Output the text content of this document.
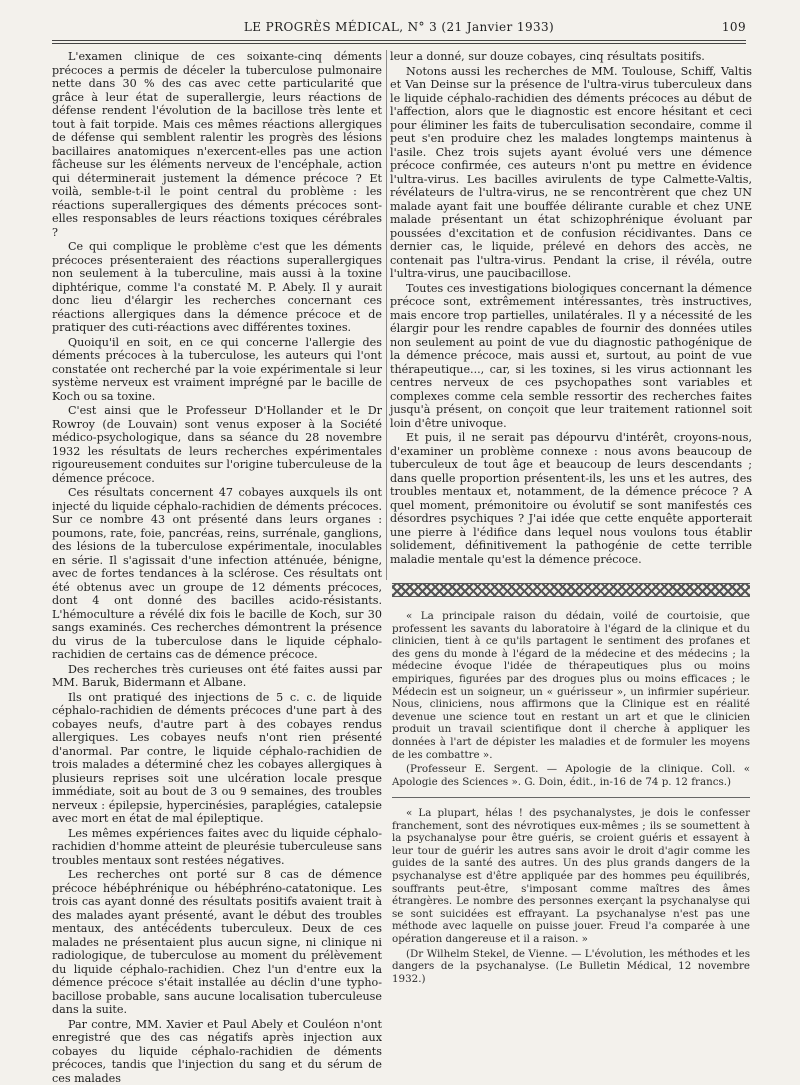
LE PROGRÈS MÉDICAL, N° 3 (21 Janvier 1933)	109

L'examen clinique de ces soixante-cinq déments précoces a permis de déceler la tuberculose pulmonaire nette dans 30 % des cas avec cette particularité que grâce à leur état de superallergie, leurs réactions de défense rendent l'évolution de la bacillose très lente et tout à fait torpide. Mais ces mêmes réactions allergiques de défense qui semblent ralentir les progrès des lésions bacillaires anatomiques n'exercent-elles pas une action fâcheuse sur les éléments nerveux de l'encéphale, action qui déterminerait justement la démence précoce ? Et voilà, semble-t-il le point central du problème : les réactions superallergiques des déments précoces sont-elles responsables de leurs réactions toxiques cérébrales ?

Ce qui complique le problème c'est que les déments précoces présenteraient des réactions superallergiques non seulement à la tuberculine, mais aussi à la toxine diphtérique, comme l'a constaté M. P. Abely. Il y aurait donc lieu d'élargir les recherches concernant ces réactions allergiques dans la démence précoce et de pratiquer des cuti-réactions avec différentes toxines.

Quoiqu'il en soit, en ce qui concerne l'allergie des déments précoces à la tuberculose, les auteurs qui l'ont constatée ont recherché par la voie expérimentale si leur système nerveux est vraiment imprégné par le bacille de Koch ou sa toxine.

C'est ainsi que le Professeur D'Hollander et le Dr Rowroy (de Louvain) sont venus exposer à la Société médico-psychologique, dans sa séance du 28 novembre 1932 les résultats de leurs recherches expérimentales rigoureusement conduites sur l'origine tuberculeuse de la démence précoce.

Ces résultats concernent 47 cobayes auxquels ils ont injecté du liquide céphalo-rachidien de déments précoces. Sur ce nombre 43 ont présenté dans leurs organes : poumons, rate, foie, pancréas, reins, surrénale, ganglions, des lésions de la tuberculose expérimentale, inoculables en série. Il s'agissait d'une infection atténuée, bénigne, avec de fortes tendances à la sclérose. Ces résultats ont été obtenus avec un groupe de 12 déments précoces, dont 4 ont donné des bacilles acido-résistants. L'hémoculture a révélé dix fois le bacille de Koch, sur 30 sangs examinés. Ces recherches démontrent la présence du virus de la tuberculose dans le liquide céphalo-rachidien de certains cas de démence précoce.

Des recherches très curieuses ont été faites aussi par MM. Baruk, Bidermann et Albane.

Ils ont pratiqué des injections de 5 c. c. de liquide céphalo-rachidien de déments précoces d'une part à des cobayes neufs, d'autre part à des cobayes rendus allergiques. Les cobayes neufs n'ont rien présenté d'anormal. Par contre, le liquide céphalo-rachidien de trois malades a déterminé chez les cobayes allergiques à plusieurs reprises soit une ulcération locale presque immédiate, soit au bout de 3 ou 9 semaines, des troubles nerveux : épilepsie, hypercinésies, paraplégies, catalepsie avec mort en état de mal épileptique.

Les mêmes expériences faites avec du liquide céphalo-rachidien d'homme atteint de pleurésie tuberculeuse sans troubles mentaux sont restées négatives.

Les recherches ont porté sur 8 cas de démence précoce hébéphrénique ou hébéphréno-catatonique. Les trois cas ayant donné des résultats positifs avaient trait à des malades ayant présenté, avant le début des troubles mentaux, des antécédents tuberculeux. Deux de ces malades ne présentaient plus aucun signe, ni clinique ni radiologique, de tuberculose au moment du prélèvement du liquide céphalo-rachidien. Chez l'un d'entre eux la démence précoce s'était installée au déclin d'une typho-bacillose probable, sans aucune localisation tuberculeuse dans la suite.

Par contre, MM. Xavier et Paul Abely et Couléon n'ont enregistré que des cas négatifs après injection aux cobayes du liquide céphalo-rachidien de déments précoces, tandis que l'injection du sang et du sérum de ces malades

leur a donné, sur douze cobayes, cinq résultats positifs.

Notons aussi les recherches de MM. Toulouse, Schiff, Valtis et Van Deinse sur la présence de l'ultra-virus tuberculeux dans le liquide céphalo-rachidien des déments précoces au début de l'affection, alors que le diagnostic est encore hésitant et ceci pour éliminer les faits de tuberculisation secondaire, comme il peut s'en produire chez les malades longtemps maintenus à l'asile. Chez trois sujets ayant évolué vers une démence précoce confirmée, ces auteurs n'ont pu mettre en évidence l'ultra-virus. Les bacilles avirulents de type Calmette-Valtis, révélateurs de l'ultra-virus, ne se rencontrèrent que chez UN malade ayant fait une bouffée délirante curable et chez UNE malade présentant un état schizophrénique évoluant par poussées d'excitation et de confusion récidivantes. Dans ce dernier cas, le liquide, prélevé en dehors des accès, ne contenait pas l'ultra-virus. Pendant la crise, il révéla, outre l'ultra-virus, une paucibacillose.

Toutes ces investigations biologiques concernant la démence précoce sont, extrêmement intéressantes, très instructives, mais encore trop partielles, unilatérales. Il y a nécessité de les élargir pour les rendre capables de fournir des données utiles non seulement au point de vue du diagnostic pathogénique de la démence précoce, mais aussi et, surtout, au point de vue thérapeutique..., car, si les toxines, si les virus actionnant les centres nerveux de ces psychopathes sont variables et complexes comme cela semble ressortir des recherches faites jusqu'à présent, on conçoit que leur traitement rationnel soit loin d'être univoque.

Et puis, il ne serait pas dépourvu d'intérêt, croyons-nous, d'examiner un problème connexe : nous avons beaucoup de tuberculeux de tout âge et beaucoup de leurs descendants ; dans quelle proportion présentent-ils, les uns et les autres, des troubles mentaux et, notamment, de la démence précoce ? A quel moment, prémonitoire ou évolutif se sont manifestés ces désordres psychiques ? J'ai idée que cette enquête apporterait une pierre à l'édifice dans lequel nous voulons tous établir solidement, définitivement la pathogénie de cette terrible maladie mentale qu'est la démence précoce.

« La principale raison du dédain, voilé de courtoisie, que professent les savants du laboratoire à l'égard de la clinique et du clinicien, tient à ce qu'ils partagent le sentiment des profanes et des gens du monde à l'égard de la médecine et des médecins ; la médecine évoque l'idée de thérapeutiques plus ou moins empiriques, figurées par des drogues plus ou moins efficaces ; le Médecin est un soigneur, un « guérisseur », un infirmier supérieur. Nous, cliniciens, nous affirmons que la Clinique est en réalité devenue une science tout en restant un art et que le clinicien produit un travail scientifique dont il cherche à appliquer les données à l'art de dépister les maladies et de formuler les moyens de les combattre ».

(Professeur E. Sergent. — Apologie de la clinique. Coll. « Apologie des Sciences ». G. Doin, édit., in-16 de 74 p. 12 francs.)

« La plupart, hélas ! des psychanalystes, je dois le confesser franchement, sont des névrotiques eux-mêmes ; ils se soumettent à la psychanalyse pour être guéris, se croient guéris et essayent à leur tour de guérir les autres sans avoir le droit d'agir comme les guides de la santé des autres. Un des plus grands dangers de la psychanalyse est d'être appliquée par des hommes peu équilibrés, souffrants peut-être, s'imposant comme maîtres des âmes étrangères. Le nombre des personnes exerçant la psychanalyse qui se sont suicidées est effrayant. La psychanalyse n'est pas une méthode avec laquelle on puisse jouer. Freud l'a comparée à une opération dangereuse et il a raison. »

(Dr Wilhelm Stekel, de Vienne. — L'évolution, les méthodes et les dangers de la psychanalyse. (Le Bulletin Médical, 12 novembre 1932.)
